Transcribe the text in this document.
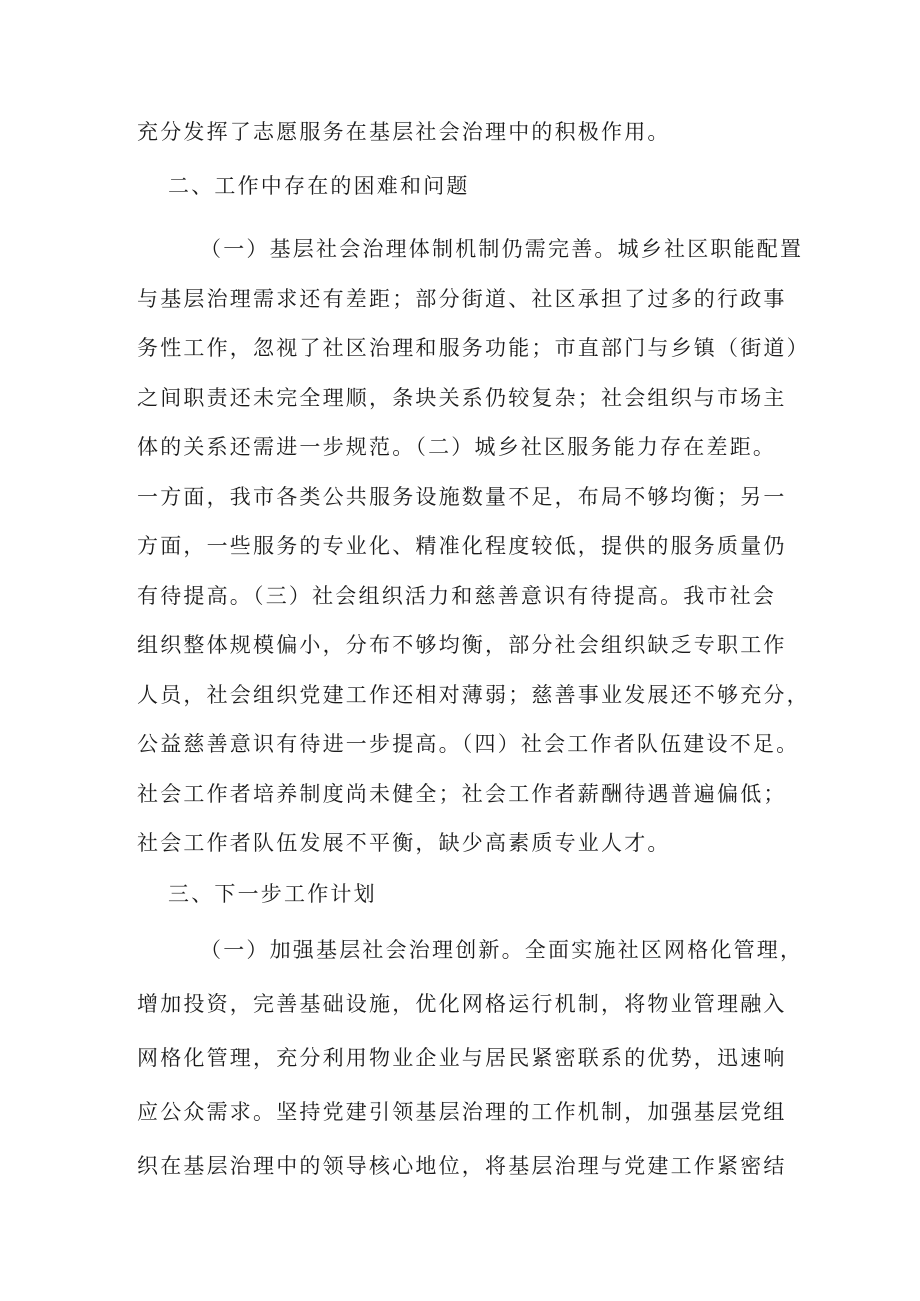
充分发挥了志愿服务在基层社会治理中的积极作用。
二、工作中存在的困难和问题
（一）基层社会治理体制机制仍需完善。城乡社区职能配置
与基层治理需求还有差距；部分街道、社区承担了过多的行政事
务性工作，忽视了社区治理和服务功能；市直部门与乡镇（街道）
之间职责还未完全理顺，条块关系仍较复杂；社会组织与市场主
体的关系还需进一步规范。（二）城乡社区服务能力存在差距。
一方面，我市各类公共服务设施数量不足，布局不够均衡；另一
方面，一些服务的专业化、精准化程度较低，提供的服务质量仍
有待提高。（三）社会组织活力和慈善意识有待提高。我市社会
组织整体规模偏小，分布不够均衡，部分社会组织缺乏专职工作
人员，社会组织党建工作还相对薄弱；慈善事业发展还不够充分，
公益慈善意识有待进一步提高。（四）社会工作者队伍建设不足。
社会工作者培养制度尚未健全；社会工作者薪酬待遇普遍偏低；
三、下一步工作计划
（一）加强基层社会治理创新。全面实施社区网格化管理，
增加投资，完善基础设施，优化网格运行机制，将物业管理融入
网格化管理，充分利用物业企业与居民紧密联系的优势，迅速响
应公众需求。坚持党建引领基层治理的工作机制，加强基层党组
织在基层治理中的领导核心地位，将基层治理与党建工作紧密结
社会工作者队伍发展不平衡，缺少高素质专业人才。
